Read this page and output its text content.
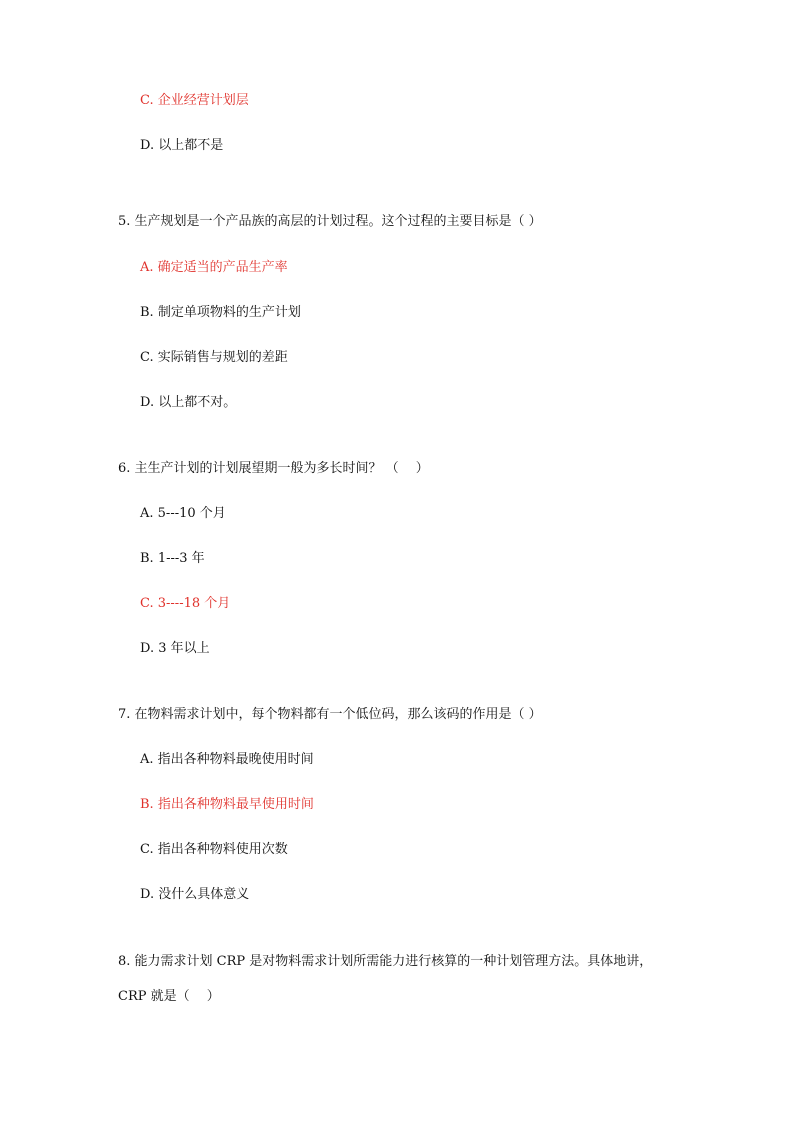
C. 企业经营计划层
D. 以上都不是
5. 生产规划是一个产品族的高层的计划过程。这个过程的主要目标是（ ）
A. 确定适当的产品生产率
B. 制定单项物料的生产计划
C. 实际销售与规划的差距
D. 以上都不对。
6. 主生产计划的计划展望期一般为多长时间？ （　 ）
A. 5---10 个月
B. 1---3 年
C. 3----18 个月
D. 3 年以上
7. 在物料需求计划中，每个物料都有一个低位码，那么该码的作用是（ ）
A. 指出各种物料最晚使用时间
B. 指出各种物料最早使用时间
C. 指出各种物料使用次数
D. 没什么具体意义
8. 能力需求计划 CRP 是对物料需求计划所需能力进行核算的一种计划管理方法。具体地讲，
CRP 就是（　 ）
